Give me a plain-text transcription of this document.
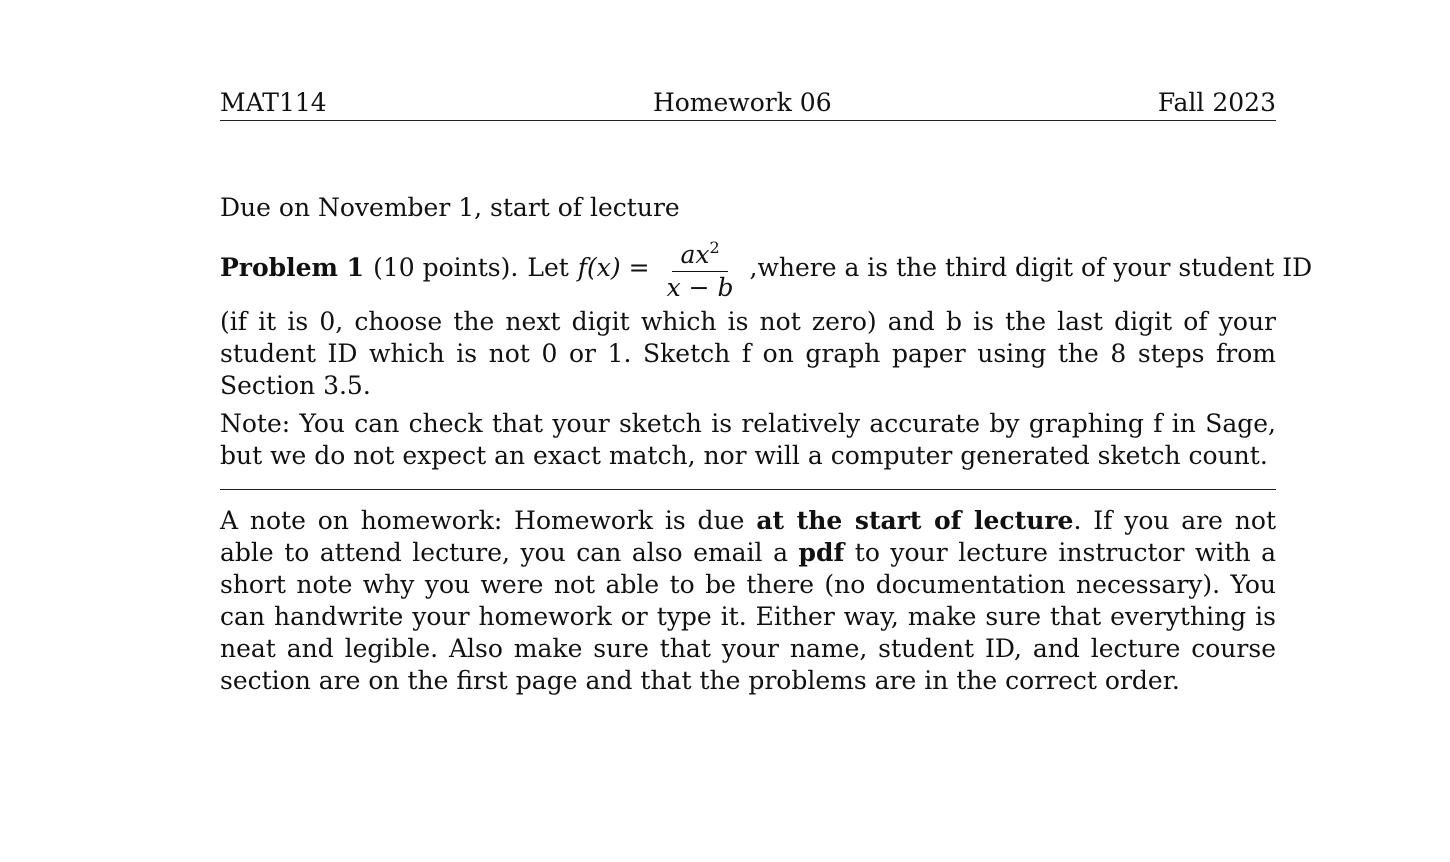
MAT114	Homework 06	Fall 2023
Due on November 1, start of lecture
Problem 1 (10 points). Let $f(x) = \frac{ax^2}{x - b}$ , where a is the third digit of your student ID

(if it is 0, choose the next digit which is not zero) and b is the last digit of your student ID which is not 0 or 1. Sketch f on graph paper using the 8 steps from Section 3.5.

Note: You can check that your sketch is relatively accurate by graphing f in Sage, but we do not expect an exact match, nor will a computer generated sketch count.

A note on homework: Homework is due at the start of lecture. If you are not able to attend lecture, you can also email a pdf to your lecture instructor with a short note why you were not able to be there (no documentation necessary). You can handwrite your homework or type it. Either way, make sure that everything is neat and legible. Also make sure that your name, student ID, and lecture course section are on the first page and that the problems are in the correct order.
